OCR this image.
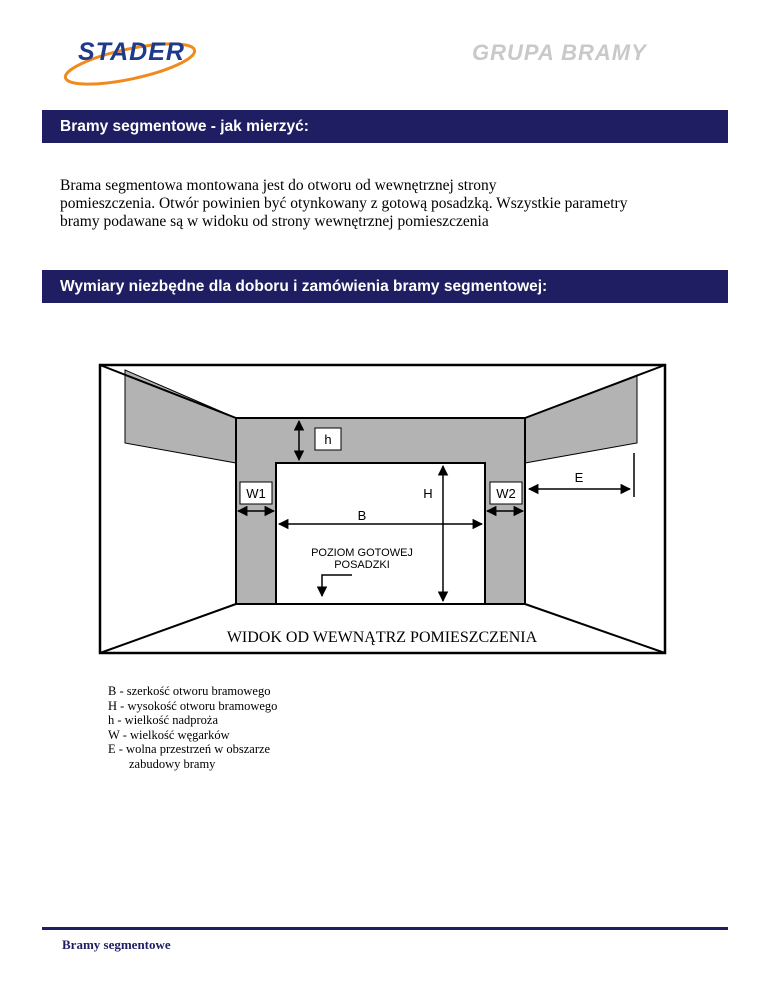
STADER	GRUPA BRAMY
Bramy segmentowe - jak mierzyć:
Brama segmentowa montowana jest do otworu od wewnętrznej strony
pomieszczenia. Otwór powinien być otynkowany z gotową posadzką. Wszystkie parametry
bramy podawane są w widoku od strony wewnętrznej pomieszczenia
Wymiary niezbędne dla doboru i zamówienia bramy segmentowej:
h
H
B
W1	W2
E
POZIOM GOTOWEJ
POSADZKI
WIDOK OD WEWNĄTRZ POMIESZCZENIA
B - szerkość otworu bramowego
H - wysokość otworu bramowego
h - wielkość nadproża
W - wielkość węgarków
E - wolna przestrzeń w obszarze
zabudowy bramy
Bramy segmentowe
